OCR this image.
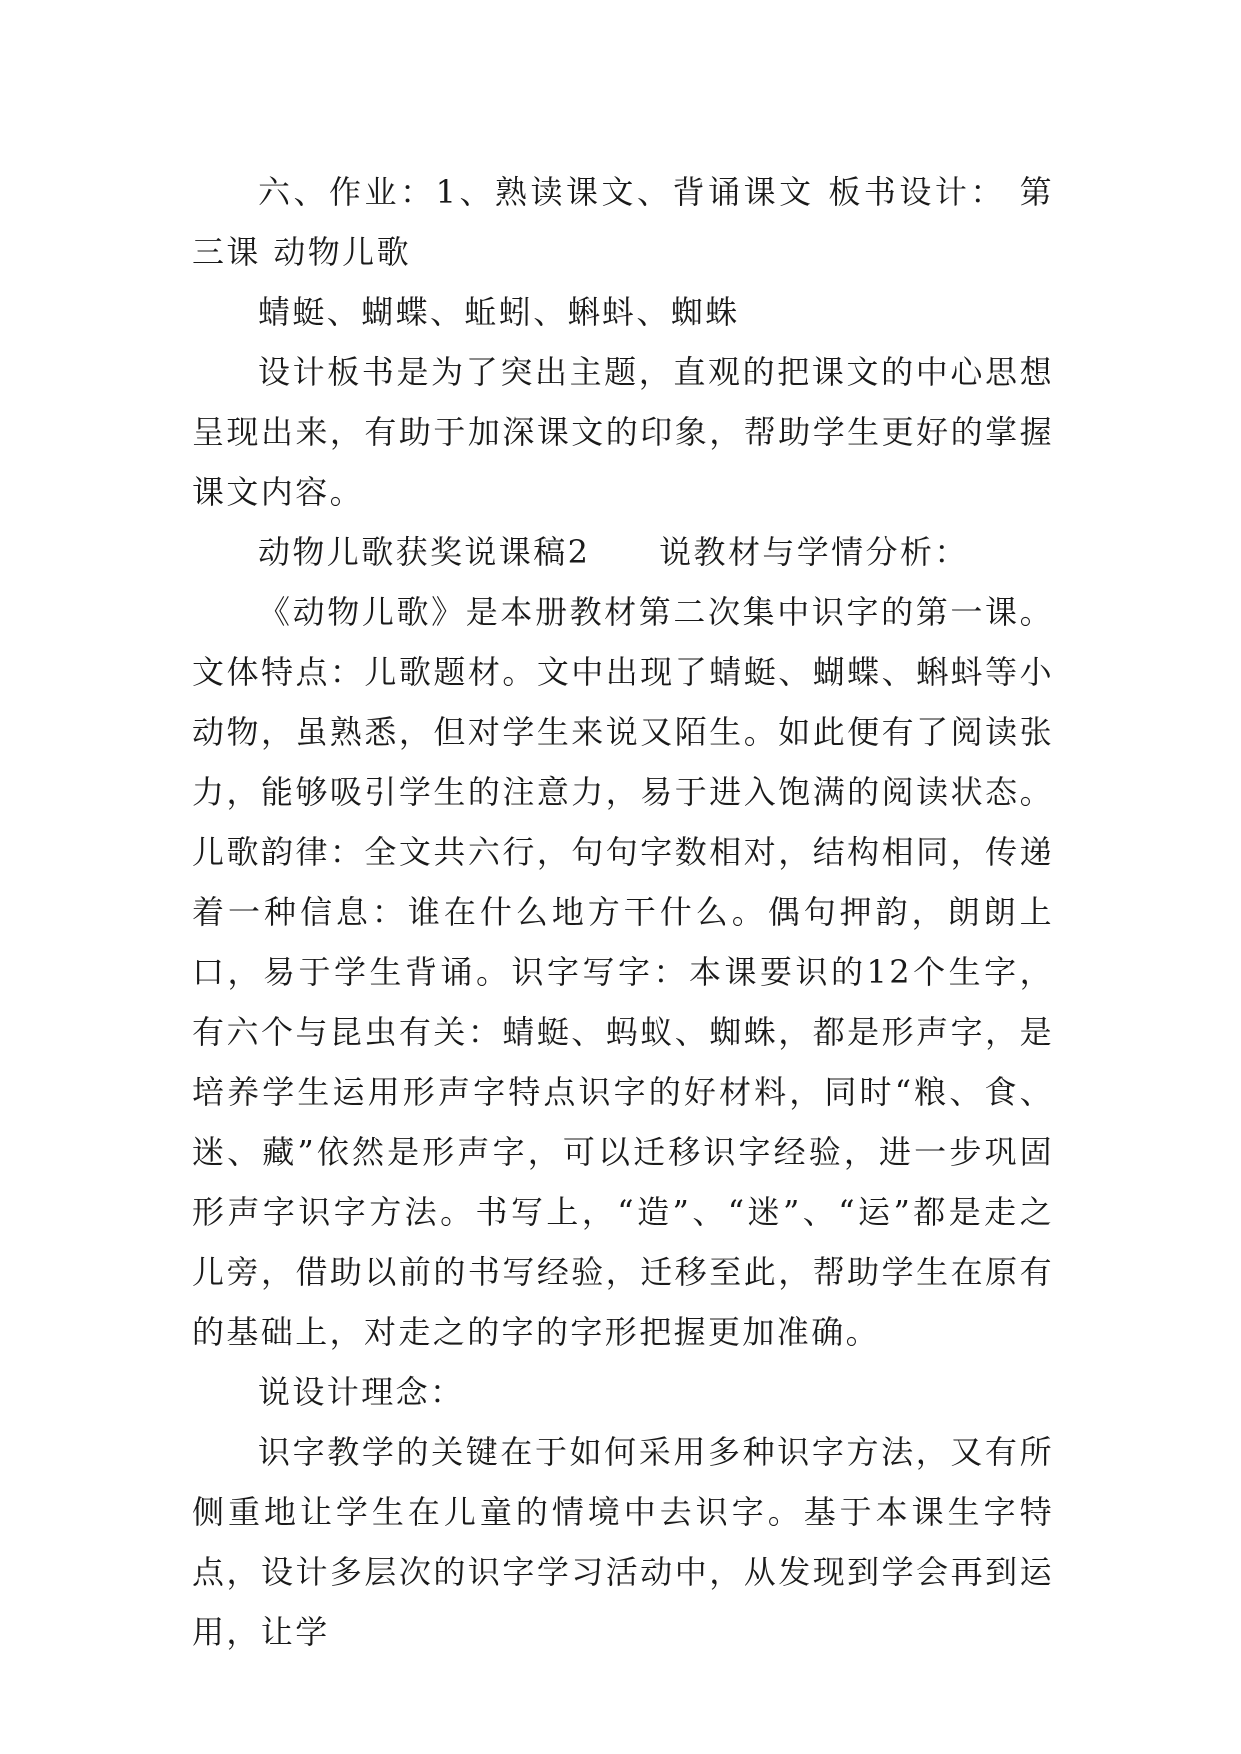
六、作业：1、熟读课文、背诵课文 板书设计： 第三课 动物儿歌

蜻蜓、蝴蝶、蚯蚓、蝌蚪、蜘蛛

设计板书是为了突出主题，直观的把课文的中心思想呈现出来，有助于加深课文的印象，帮助学生更好的掌握课文内容。

动物儿歌获奖说课稿2　　说教材与学情分析：

《动物儿歌》是本册教材第二次集中识字的第一课。文体特点：儿歌题材。文中出现了蜻蜓、蝴蝶、蝌蚪等小动物，虽熟悉，但对学生来说又陌生。如此便有了阅读张力，能够吸引学生的注意力，易于进入饱满的阅读状态。儿歌韵律：全文共六行，句句字数相对，结构相同，传递着一种信息：谁在什么地方干什么。偶句押韵，朗朗上口，易于学生背诵。识字写字：本课要识的12个生字，有六个与昆虫有关：蜻蜓、蚂蚁、蜘蛛，都是形声字，是培养学生运用形声字特点识字的好材料，同时“粮、食、迷、藏”依然是形声字，可以迁移识字经验，进一步巩固形声字识字方法。书写上，“造”、“迷”、“运”都是走之儿旁，借助以前的书写经验，迁移至此，帮助学生在原有的基础上，对走之的字的字形把握更加准确。

说设计理念：

识字教学的关键在于如何采用多种识字方法，又有所侧重地让学生在儿童的情境中去识字。基于本课生字特点，设计多层次的识字学习活动中，从发现到学会再到运用，让学
